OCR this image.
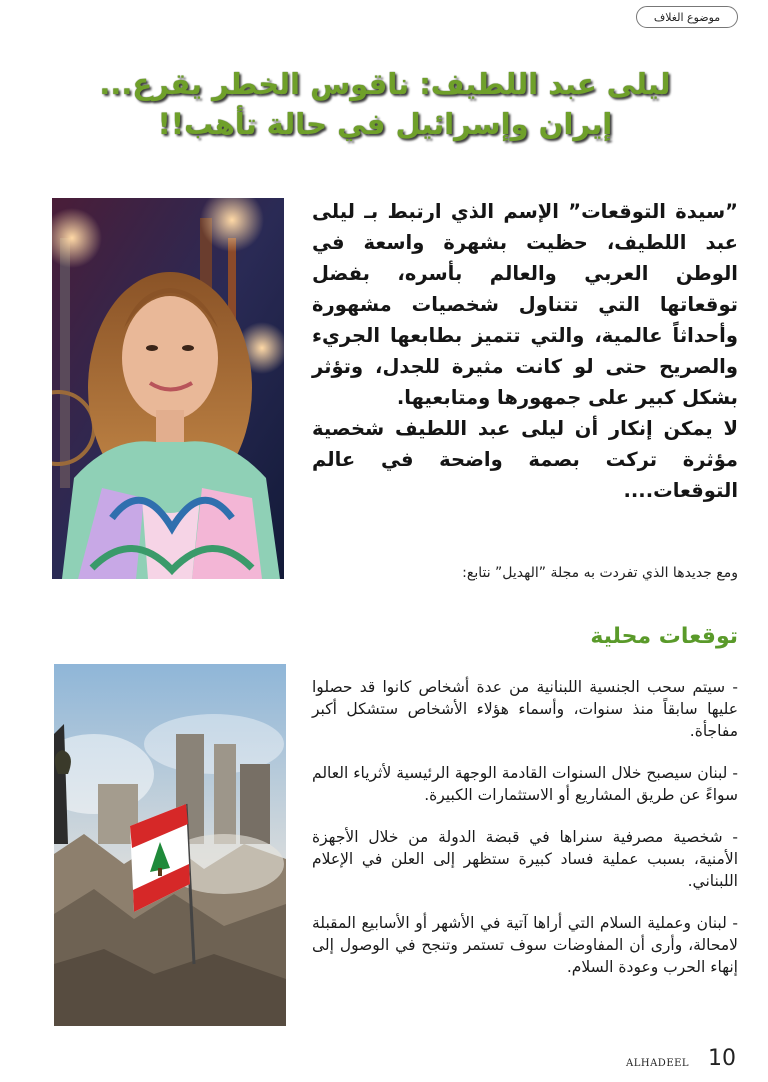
موضوع الغلاف
ليلى عبد اللطيف: ناقوس الخطر يقرع...
إيران وإسرائيل في حالة تأهب!!

”سيدة التوقعات” الإسم الذي ارتبط بـ ليلى عبد اللطيف، حظيت بشهرة واسعة في الوطن العربي والعالم بأسره، بفضل توقعاتها التي تتناول شخصيات مشهورة وأحداثاً عالمية، والتي تتميز بطابعها الجريء والصريح حتى لو كانت مثيرة للجدل، وتؤثر بشكل كبير على جمهورها ومتابعيها.

لا يمكن إنكار أن ليلى عبد اللطيف شخصية مؤثرة تركت بصمة واضحة في عالم التوقعات....

ومع جديدها الذي تفردت به مجلة ”الهديل” نتابع:

توقعات محلية
- سيتم سحب الجنسية اللبنانية من عدة أشخاص كانوا قد حصلوا عليها سابقاً منذ سنوات، وأسماء هؤلاء الأشخاص ستشكل أكبر مفاجأة.
- لبنان سيصبح خلال السنوات القادمة الوجهة الرئيسية لأثرياء العالم سواءً عن طريق المشاريع أو الاستثمارات الكبيرة.
- شخصية مصرفية سنراها في قبضة الدولة من خلال الأجهزة الأمنية، بسبب عملية فساد كبيرة ستظهر إلى العلن في الإعلام اللبناني.
- لبنان وعملية السلام التي أراها آتية في الأشهر أو الأسابيع المقبلة لامحالة، وأرى أن المفاوضات سوف تستمر وتنجح في الوصول إلى إنهاء الحرب وعودة السلام.
ALHADEEL 10
